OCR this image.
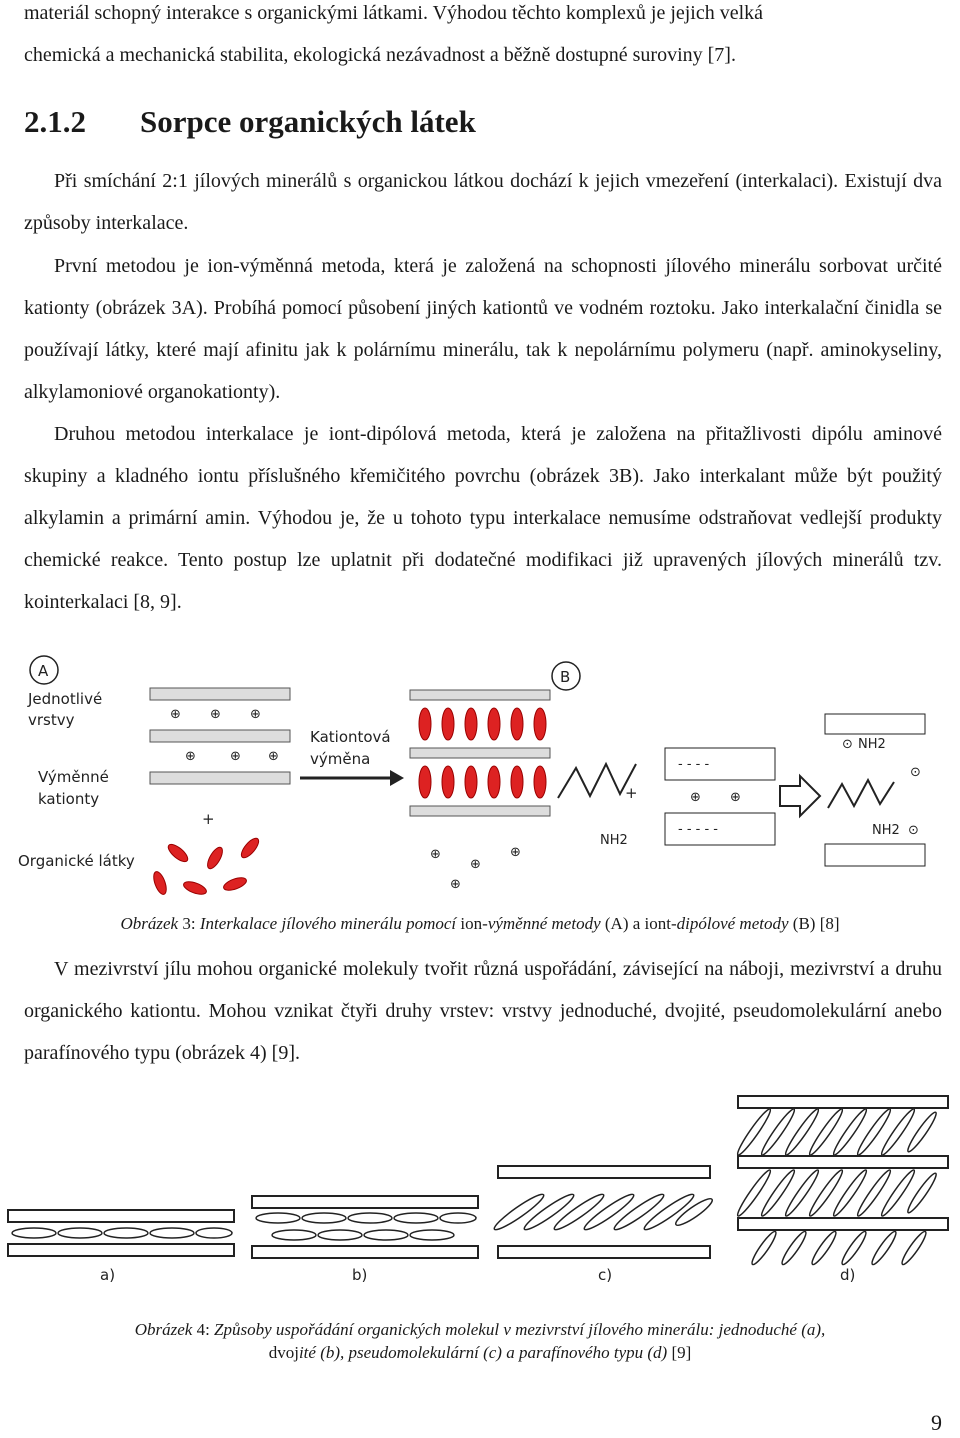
materiál schopný interakce s organickými látkami. Výhodou těchto komplexů je jejich velká

chemická a mechanická stabilita, ekologická nezávadnost a běžně dostupné suroviny [7].

2.1.2 Sorpce organických látek

Při smíchání 2:1 jílových minerálů s organickou látkou dochází k jejich vmezeření (interkalaci). Existují dva způsoby interkalace.

První metodou je ion-výměnná metoda, která je založená na schopnosti jílového minerálu sorbovat určité kationty (obrázek 3A). Probíhá pomocí působení jiných kationtů ve vodném roztoku. Jako interkalační činidla se používají látky, které mají afinitu jak k polárnímu minerálu, tak k nepolárnímu polymeru (např. aminokyseliny, alkylamoniové organokationty).

Druhou metodou interkalace je iont-dipólová metoda, která je založena na přitažlivosti dipólu aminové skupiny a kladného iontu příslušného křemičitého povrchu (obrázek 3B). Jako interkalant může být použitý alkylamin a primární amin. Výhodou je, že u tohoto typu interkalace nemusíme odstraňovat vedlejší produkty chemické reakce. Tento postup lze uplatnit při dodatečné modifikaci již upravených jílových minerálů tzv. kointerkalaci [8, 9].

A
Jednotlivé
vrstvy
Výměnné
kationty
Organické látky
+
⊕ ⊕ ⊕
⊕	⊕ ⊕
Kationtová
výměna
⊕
⊕
⊕
⊕
B
NH2
+
- - - -
- - - - -
⊕ ⊕
⊙ NH2
NH2 ⊙
⊙

Obrázek 3: Interkalace jílového minerálu pomocí ion-výměnné metody (A) a iont-dipólové metody (B) [8]

V mezivrství jílu mohou organické molekuly tvořit různá uspořádání, závisející na náboji, mezivrství a druhu organického kationtu. Mohou vznikat čtyři druhy vrstev: vrstvy jednoduché, dvojité, pseudomolekulární anebo parafínového typu (obrázek 4) [9].

a)	b)	c)	d)
Obrázek 4: Způsoby uspořádání organických molekul v mezivrství jílového minerálu: jednoduché (a),
dvojité (b), pseudomolekulární (c) a parafínového typu (d) [9]

9
